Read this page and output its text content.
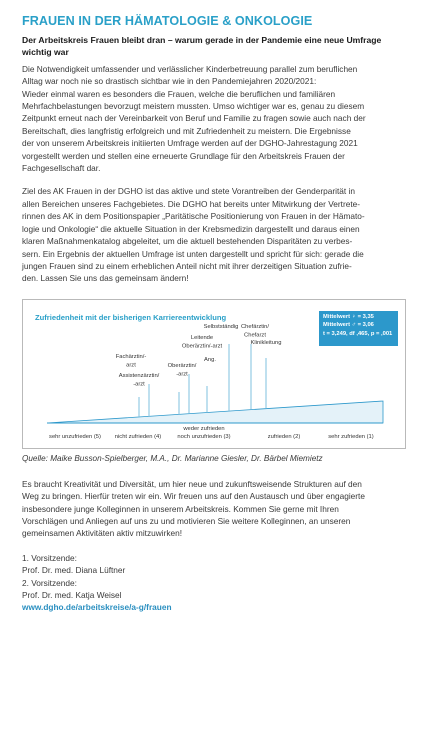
FRAUEN IN DER HÄMATOLOGIE & ONKOLOGIE
Der Arbeitskreis Frauen bleibt dran – warum gerade in der Pandemie eine neue Umfrage
wichtig war
Die Notwendigkeit umfassender und verlässlicher Kinderbetreuung parallel zum beruflichen
Alltag war noch nie so drastisch sichtbar wie in den Pandemiejahren 2020/2021:
Wieder einmal waren es besonders die Frauen, welche die beruflichen und familiären
Mehrfachbelastungen bevorzugt meistern mussten. Umso wichtiger war es, genau zu diesem
Zeitpunkt erneut nach der Vereinbarkeit von Beruf und Familie zu fragen sowie auch nach der
Bereitschaft, dies langfristig erfolgreich und mit Zufriedenheit zu meistern. Die Ergebnisse
der von unserem Arbeitskreis initiierten Umfrage werden auf der DGHO-Jahrestagung 2021
vorgestellt werden und stellen eine erneuerte Grundlage für den Arbeitskreis Frauen der
Fachgesellschaft dar.
Ziel des AK Frauen in der DGHO ist das aktive und stete Vorantreiben der Genderparität in
allen Bereichen unseres Fachgebietes. Die DGHO hat bereits unter Mitwirkung der Vertrete-
rinnen des AK in dem Positionspapier „Paritätische Positionierung von Frauen in der Hämato-
logie und Onkologie“ die aktuelle Situation in der Krebsmedizin dargestellt und daraus einen
klaren Maßnahmenkatalog abgeleitet, um die aktuell bestehenden Disparitäten zu verbes-
sern. Ein Ergebnis der aktuellen Umfrage ist unten dargestellt und spricht für sich: gerade die
jungen Frauen sind zu einem erheblichen Anteil nicht mit ihrer derzeitigen Situation zufrie-
den. Lassen Sie uns das gemeinsam ändern!
Zufriedenheit mit der bisherigen Karriereentwicklung	Mittelwert ♀ = 3,35
Mittelwert ♂ = 3,06
t = 3,249, df ,465, p = ,001
Assistenzärztin/
-arzt
Fachärztin/-
arzt	Oberärztin/
-arzt
Leitende
Oberärztin/-arzt
Ang.
Selbstständig Chefärztin/
Chefarzt
Klinikleitung
sehr unzufrieden (5) nicht zufrieden (4)
weder zufrieden
noch unzufrieden (3)	zufrieden (2)	sehr zufrieden (1)
Quelle: Maike Busson-Spielberger, M.A., Dr. Marianne Giesler, Dr. Bärbel Miemietz
Es braucht Kreativität und Diversität, um hier neue und zukunftsweisende Strukturen auf den
Weg zu bringen. Hierfür treten wir ein. Wir freuen uns auf den Austausch und über engagierte
insbesondere junge Kolleginnen in unserem Arbeitskreis. Kommen Sie gerne mit Ihren
Vorschlägen und Anliegen auf uns zu und motivieren Sie weitere Kolleginnen, an unseren
gemeinsamen Aktivitäten aktiv mitzuwirken!
1. Vorsitzende:
Prof. Dr. med. Diana Lüftner
2. Vorsitzende:
Prof. Dr. med. Katja Weisel
www.dgho.de/arbeitskreise/a-g/frauen
